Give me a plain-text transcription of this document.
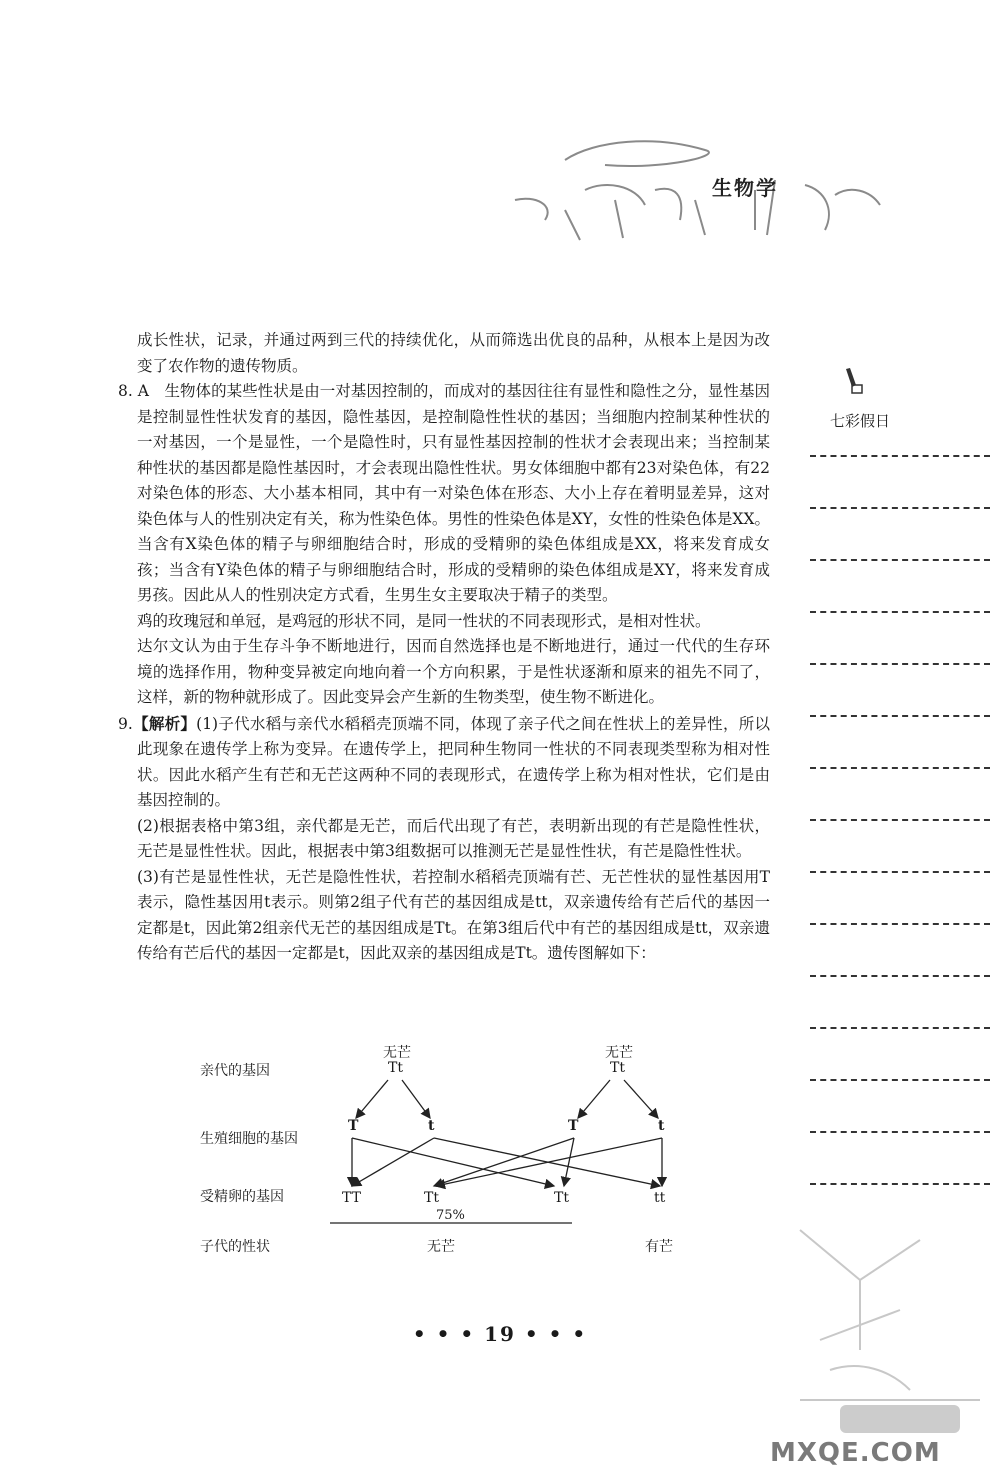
生物学

成长性状，记录，并通过两到三代的持续优化，从而筛选出优良的品种，从根本上是因为改变了农作物的遗传物质。

8. A　生物体的某些性状是由一对基因控制的，而成对的基因往往有显性和隐性之分，显性基因是控制显性性状发育的基因，隐性基因，是控制隐性性状的基因；当细胞内控制某种性状的一对基因，一个是显性，一个是隐性时，只有显性基因控制的性状才会表现出来；当控制某种性状的基因都是隐性基因时，才会表现出隐性性状。男女体细胞中都有23对染色体，有22对染色体的形态、大小基本相同，其中有一对染色体在形态、大小上存在着明显差异，这对染色体与人的性别决定有关，称为性染色体。男性的性染色体是XY，女性的性染色体是XX。当含有X染色体的精子与卵细胞结合时，形成的受精卵的染色体组成是XX，将来发育成女孩；当含有Y染色体的精子与卵细胞结合时，形成的受精卵的染色体组成是XY，将来发育成男孩。因此从人的性别决定方式看，生男生女主要取决于精子的类型。

鸡的玫瑰冠和单冠，是鸡冠的形状不同，是同一性状的不同表现形式，是相对性状。

达尔文认为由于生存斗争不断地进行，因而自然选择也是不断地进行，通过一代代的生存环境的选择作用，物种变异被定向地向着一个方向积累，于是性状逐渐和原来的祖先不同了，这样，新的物种就形成了。因此变异会产生新的生物类型，使生物不断进化。

9.【解析】(1)子代水稻与亲代水稻稻壳顶端不同，体现了亲子代之间在性状上的差异性，所以此现象在遗传学上称为变异。在遗传学上，把同种生物同一性状的不同表现类型称为相对性状。因此水稻产生有芒和无芒这两种不同的表现形式，在遗传学上称为相对性状，它们是由基因控制的。

(2)根据表格中第3组，亲代都是无芒，而后代出现了有芒，表明新出现的有芒是隐性性状，无芒是显性性状。因此，根据表中第3组数据可以推测无芒是显性性状，有芒是隐性性状。

(3)有芒是显性性状，无芒是隐性性状，若控制水稻稻壳顶端有芒、无芒性状的显性基因用T表示，隐性基因用t表示。则第2组子代有芒的基因组成是tt，双亲遗传给有芒后代的基因一定都是t，因此第2组亲代无芒的基因组成是Tt。在第3组后代中有芒的基因组成是tt，双亲遗传给有芒后代的基因一定都是t，因此双亲的基因组成是Tt。遗传图解如下：

七彩假日
亲代的基因
生殖细胞的基因
受精卵的基因
子代的性状
无芒
Tt
无芒
Tt
T	t	T	t
TT	Tt	Tt	tt
75%
无芒	有芒
• • • 19 • • •
MXQE.COM
